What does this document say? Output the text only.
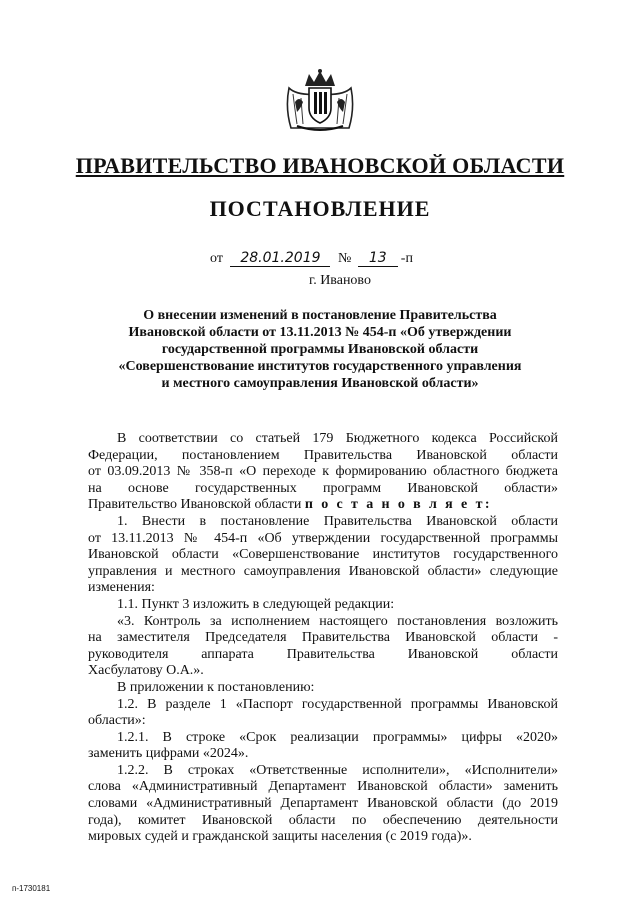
ПРАВИТЕЛЬСТВО ИВАНОВСКОЙ ОБЛАСТИ
ПОСТАНОВЛЕНИЕ
от 28.01.2019 № 13 -п
г. Иваново
О внесении изменений в постановление Правительства
Ивановской области от 13.11.2013 № 454-п «Об утверждении
государственной программы Ивановской области
«Совершенствование институтов государственного управления
и местного самоуправления Ивановской области»
В соответствии со статьей 179 Бюджетного кодекса Российской
Федерации, постановлением Правительства Ивановской области
от 03.09.2013 № 358-п «О переходе к формированию областного бюджета
на основе государственных программ Ивановской области»
Правительство Ивановской области п о с т а н о в л я е т:
1. Внести в постановление Правительства Ивановской области
от 13.11.2013 № 454-п «Об утверждении государственной программы
Ивановской области «Совершенствование институтов государственного
управления и местного самоуправления Ивановской области» следующие
изменения:
1.1. Пункт 3 изложить в следующей редакции:
«3. Контроль за исполнением настоящего постановления возложить
на заместителя Председателя Правительства Ивановской области -
руководителя аппарата Правительства Ивановской области
Хасбулатову О.А.».
В приложении к постановлению:
1.2. В разделе 1 «Паспорт государственной программы Ивановской
области»:
1.2.1. В строке «Срок реализации программы» цифры «2020»
заменить цифрами «2024».
1.2.2. В строках «Ответственные исполнители», «Исполнители»
слова «Административный Департамент Ивановской области» заменить
словами «Административный Департамент Ивановской области (до 2019
года), комитет Ивановской области по обеспечению деятельности
мировых судей и гражданской защиты населения (с 2019 года)».
п-1730181
